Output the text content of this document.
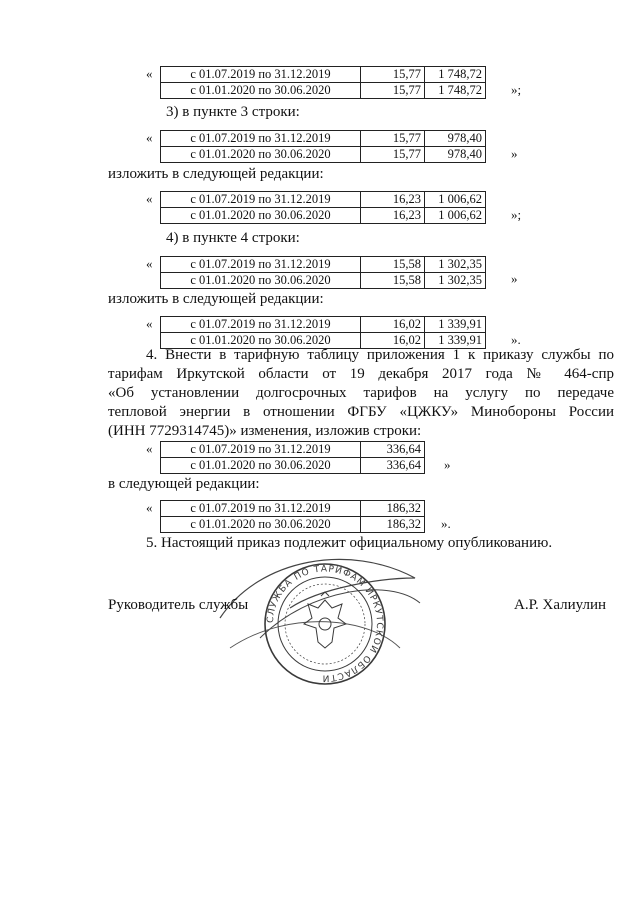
«	с 01.07.2019 по 31.12.2019	15,77	1 748,72
с 01.01.2020 по 30.06.2020	15,77	1 748,72 »;
3) в пункте 3 строки:
«	с 01.07.2019 по 31.12.2019	15,77	978,40
с 01.01.2020 по 30.06.2020	15,77	978,40 »
изложить в следующей редакции:
«	с 01.07.2019 по 31.12.2019	16,23	1 006,62
с 01.01.2020 по 30.06.2020	16,23	1 006,62 »;
4) в пункте 4 строки:
«	с 01.07.2019 по 31.12.2019	15,58	1 302,35
с 01.01.2020 по 30.06.2020	15,58	1 302,35 »
изложить в следующей редакции:
«	с 01.07.2019 по 31.12.2019	16,02	1 339,91
с 01.01.2020 по 30.06.2020	16,02	1 339,91 ».
4. Внести в тарифную таблицу приложения 1 к приказу службы по
тарифам Иркутской области от 19 декабря 2017 года № 464-спр
«Об установлении долгосрочных тарифов на услугу по передаче
тепловой энергии в отношении ФГБУ «ЦЖКУ» Минобороны России
(ИНН 7729314745)» изменения, изложив строки:
«	с 01.07.2019 по 31.12.2019	336,64
с 01.01.2020 по 30.06.2020	336,64 »
в следующей редакции:
«	с 01.07.2019 по 31.12.2019	186,32
с 01.01.2020 по 30.06.2020	186,32 ».
5. Настоящий приказ подлежит официальному опубликованию.
СЛУЖБА ПО ТАРИФАМ ИРКУТСКОЙ ОБЛАСТИ
Руководитель службы	А.Р. Халиулин
